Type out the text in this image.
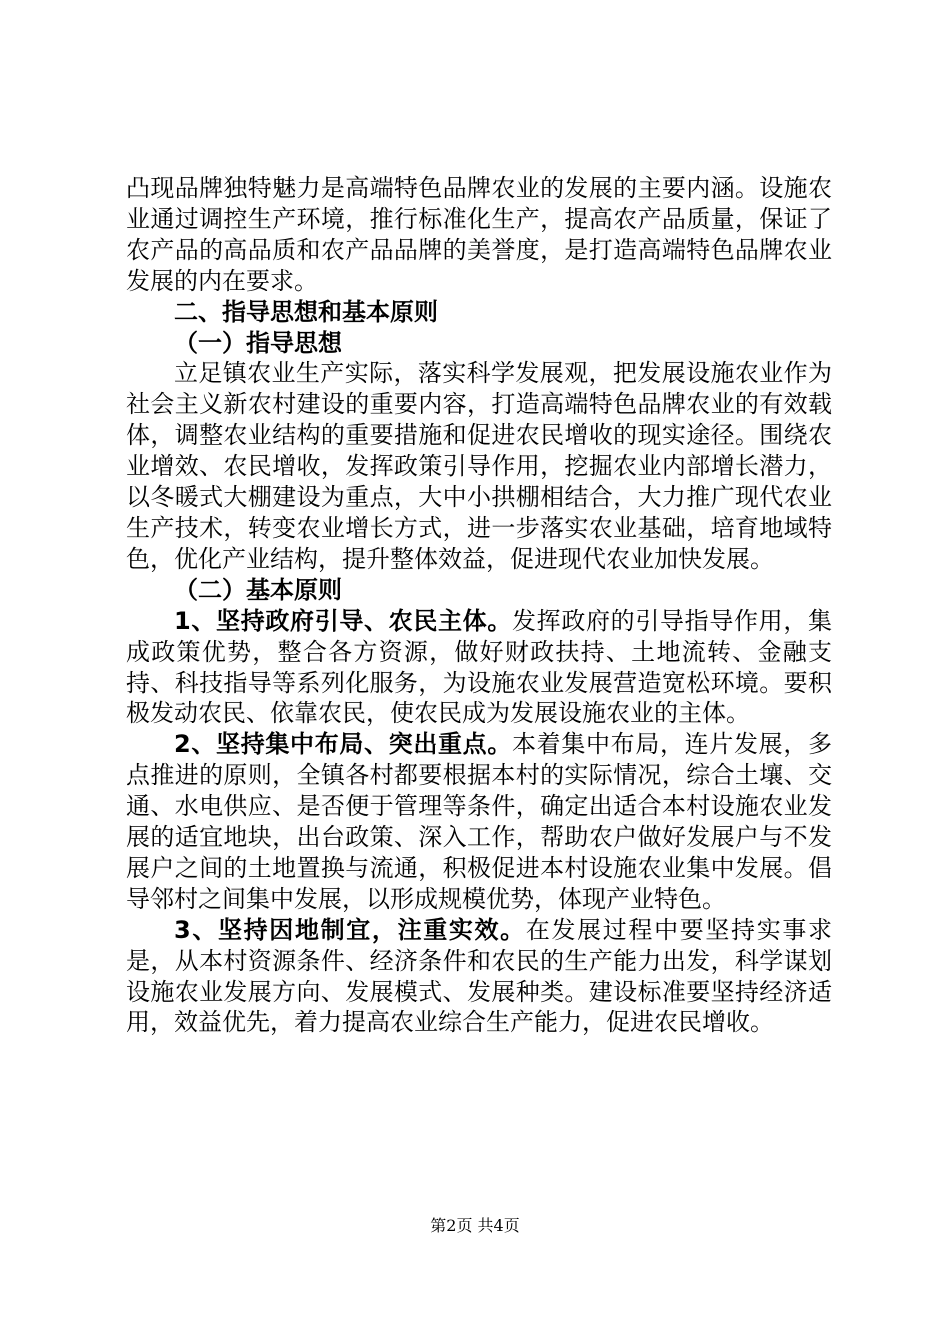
凸现品牌独特魅力是高端特色品牌农业的发展的主要内涵。设施农业通过调控生产环境，推行标准化生产，提高农产品质量，保证了农产品的高品质和农产品品牌的美誉度，是打造高端特色品牌农业发展的内在要求。

二、指导思想和基本原则

（一）指导思想

立足镇农业生产实际，落实科学发展观，把发展设施农业作为社会主义新农村建设的重要内容，打造高端特色品牌农业的有效载体，调整农业结构的重要措施和促进农民增收的现实途径。围绕农业增效、农民增收，发挥政策引导作用，挖掘农业内部增长潜力，以冬暖式大棚建设为重点，大中小拱棚相结合，大力推广现代农业生产技术，转变农业增长方式，进一步落实农业基础，培育地域特色，优化产业结构，提升整体效益，促进现代农业加快发展。

（二）基本原则

1、坚持政府引导、农民主体。发挥政府的引导指导作用，集成政策优势，整合各方资源，做好财政扶持、土地流转、金融支持、科技指导等系列化服务，为设施农业发展营造宽松环境。要积极发动农民、依靠农民，使农民成为发展设施农业的主体。

2、坚持集中布局、突出重点。本着集中布局，连片发展，多点推进的原则，全镇各村都要根据本村的实际情况，综合土壤、交通、水电供应、是否便于管理等条件，确定出适合本村设施农业发展的适宜地块，出台政策、深入工作，帮助农户做好发展户与不发展户之间的土地置换与流通，积极促进本村设施农业集中发展。倡导邻村之间集中发展，以形成规模优势，体现产业特色。

3、坚持因地制宜，注重实效。在发展过程中要坚持实事求是，从本村资源条件、经济条件和农民的生产能力出发，科学谋划设施农业发展方向、发展模式、发展种类。建设标准要坚持经济适用，效益优先，着力提高农业综合生产能力，促进农民增收。

第2页 共4页
